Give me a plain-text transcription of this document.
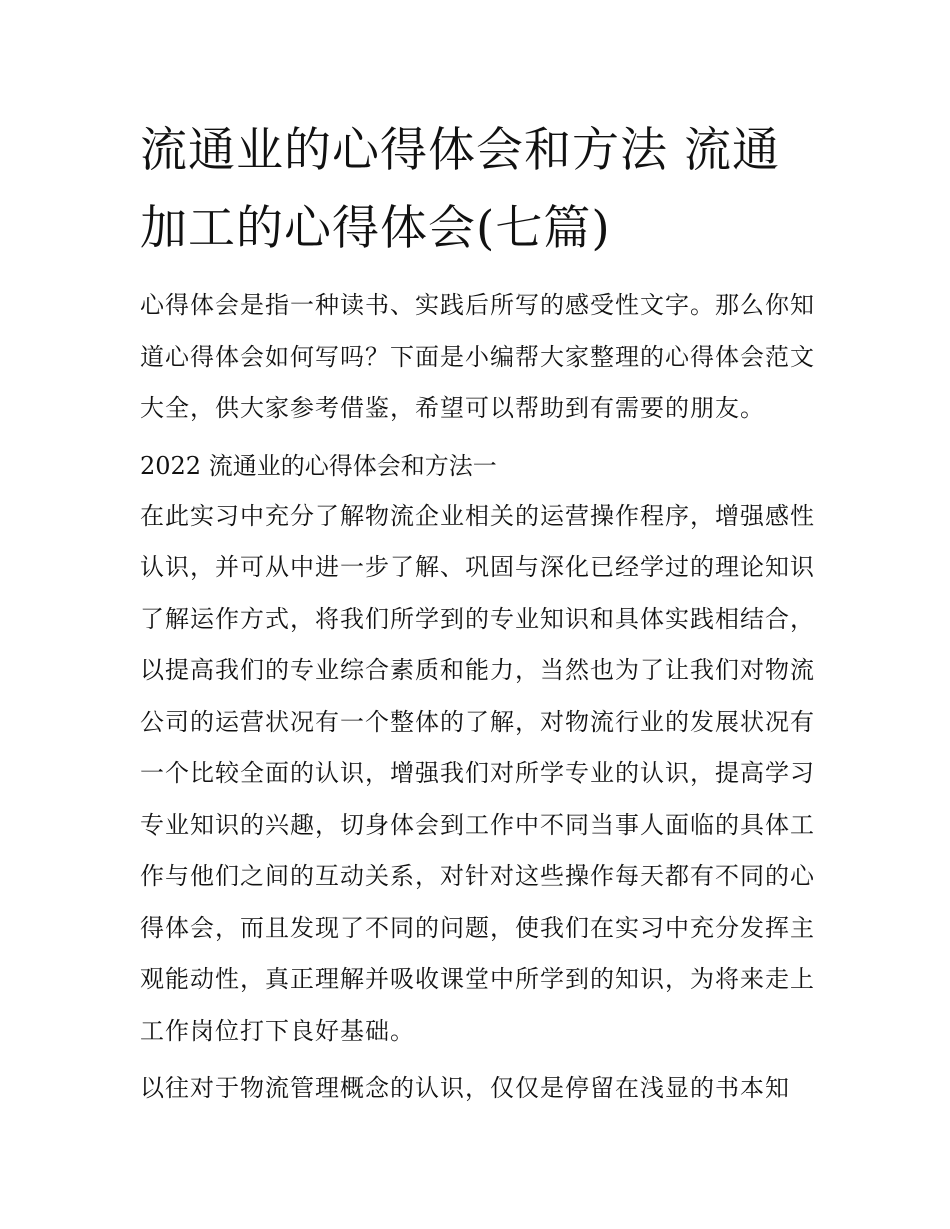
流通业的心得体会和方法 流通
加工的心得体会(七篇)

心得体会是指一种读书、实践后所写的感受性文字。那么你知
道心得体会如何写吗？下面是小编帮大家整理的心得体会范文
大全，供大家参考借鉴，希望可以帮助到有需要的朋友。

2022 流通业的心得体会和方法一

在此实习中充分了解物流企业相关的运营操作程序，增强感性
认识，并可从中进一步了解、巩固与深化已经学过的理论知识
了解运作方式，将我们所学到的专业知识和具体实践相结合，
以提高我们的专业综合素质和能力，当然也为了让我们对物流
公司的运营状况有一个整体的了解，对物流行业的发展状况有
一个比较全面的认识，增强我们对所学专业的认识，提高学习
专业知识的兴趣，切身体会到工作中不同当事人面临的具体工
作与他们之间的互动关系，对针对这些操作每天都有不同的心
得体会，而且发现了不同的问题，使我们在实习中充分发挥主
观能动性，真正理解并吸收课堂中所学到的知识，为将来走上
工作岗位打下良好基础。

以往对于物流管理概念的认识，仅仅是停留在浅显的书本知
